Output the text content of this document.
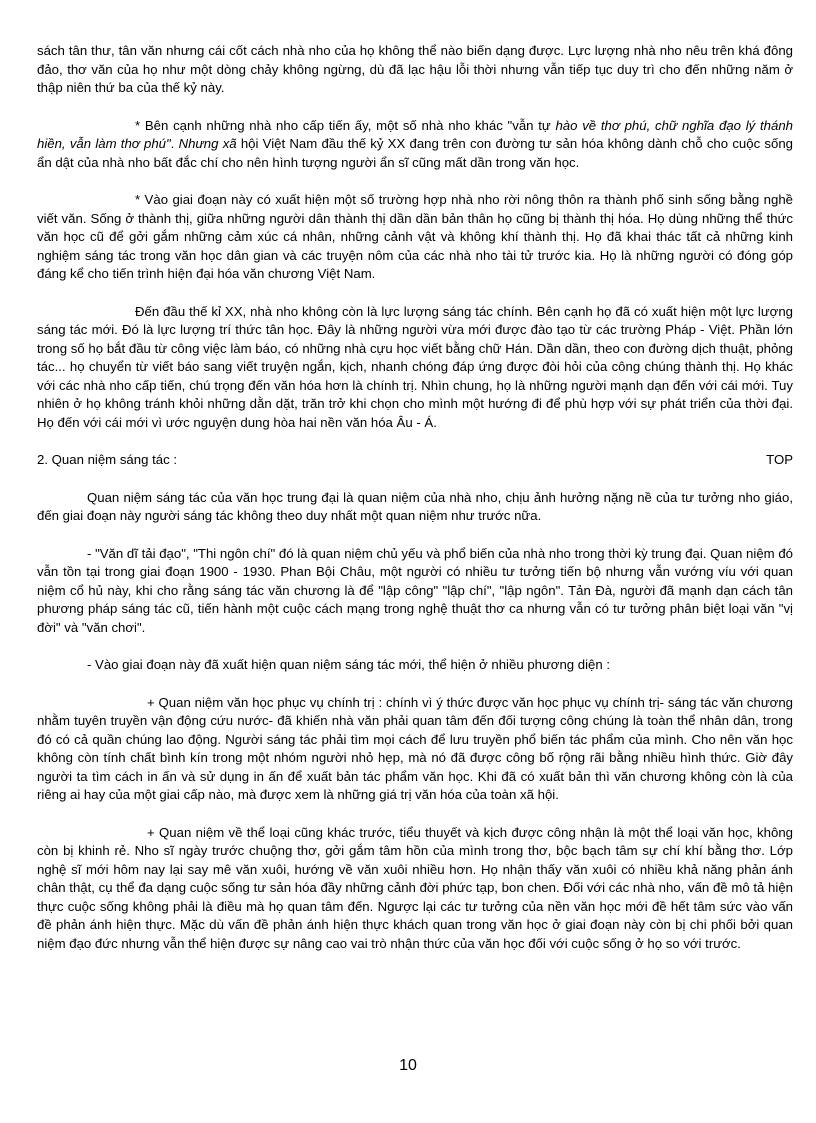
sách tân thư, tân văn nhưng cái cốt cách nhà nho của họ không thể nào biến dạng được. Lực lượng nhà nho nêu trên khá đông đảo, thơ văn của họ như một dòng chảy không ngừng, dù đã lạc hậu lỗi thời nhưng vẫn tiếp tục duy trì cho đến những năm ở thập niên thứ ba của thế kỷ này.

* Bên cạnh những nhà nho cấp tiến ấy, một số nhà nho khác "vẫn tự hào về thơ phú, chữ nghĩa đạo lý thánh hiền, vẫn làm thơ phú". Nhưng xã hội Việt Nam đầu thế kỷ XX đang trên con đường tư sản hóa không dành chỗ cho cuộc sống ẩn dật của nhà nho bất đắc chí cho nên hình tượng người ẩn sĩ cũng mất dần trong văn học.

* Vào giai đoạn này có xuất hiện một số trường hợp nhà nho rời nông thôn ra thành phố sinh sống bằng nghề viết văn. Sống ở thành thị, giữa những người dân thành thị dần dần bản thân họ cũng bị thành thị hóa. Họ dùng những thể thức văn học cũ để gởi gắm những cảm xúc cá nhân, những cảnh vật và không khí thành thị. Họ đã khai thác tất cả những kinh nghiệm sáng tác trong văn học dân gian và các truyện nôm của các nhà nho tài tử trước kia. Họ là những người có đóng góp đáng kể cho tiến trình hiện đại hóa văn chương Việt Nam.

Đến đầu thế kỉ XX, nhà nho không còn là lực lượng sáng tác chính. Bên cạnh họ đã có xuất hiện một lực lượng sáng tác mới. Đó là lực lượng trí thức tân học. Đây là những người vừa mới được đào tạo từ các trường Pháp - Việt. Phần lớn trong số họ bắt đầu từ công việc làm báo, có những nhà cựu học viết bằng chữ Hán. Dần dần, theo con đường dịch thuật, phỏng tác... họ chuyển từ viết báo sang viết truyện ngắn, kịch, nhanh chóng đáp ứng được đòi hỏi của công chúng thành thị. Họ khác với các nhà nho cấp tiến, chú trọng đến văn hóa hơn là chính trị. Nhìn chung, họ là những người mạnh dạn đến với cái mới. Tuy nhiên ở họ không tránh khỏi những dằn dặt, trăn trở khi chọn cho mình một hướng đi để phù hợp với sự phát triển của thời đại. Họ đến với cái mới vì ước nguyện dung hòa hai nền văn hóa Âu - Á.

2. Quan niệm sáng tác :	TOP

Quan niệm sáng tác của văn học trung đại là quan niệm của nhà nho, chịu ảnh hưởng nặng nề của tư tưởng nho giáo, đến giai đoạn này người sáng tác không theo duy nhất một quan niệm như trước nữa.

- "Văn dĩ tải đạo", "Thi ngôn chí" đó là quan niệm chủ yếu và phổ biến của nhà nho trong thời kỳ trung đại. Quan niệm đó vẫn tồn tại trong giai đoạn 1900 - 1930. Phan Bội Châu, một người có nhiều tư tưởng tiến bộ nhưng vẫn vướng víu với quan niệm cổ hủ này, khi cho rằng sáng tác văn chương là để "lập công" "lập chí", "lập ngôn". Tản Đà, người đã mạnh dạn cách tân phương pháp sáng tác cũ, tiến hành một cuộc cách mạng trong nghệ thuật thơ ca nhưng vẫn có tư tưởng phân biệt loại văn "vị đời" và "văn chơi".

- Vào giai đoạn này đã xuất hiện quan niệm sáng tác mới, thể hiện ở nhiều phương diện :

+ Quan niệm văn học phục vụ chính trị : chính vì ý thức được văn học phục vụ chính trị- sáng tác văn chương nhằm tuyên truyền vận động cứu nước- đã khiến nhà văn phải quan tâm đến đối tượng công chúng là toàn thể nhân dân, trong đó có cả quần chúng lao động. Người sáng tác phải tìm mọi cách để lưu truyền phổ biến tác phẩm của mình. Cho nên văn học không còn tính chất bình kín trong một nhóm người nhỏ hẹp, mà nó đã được công bố rộng rãi bằng nhiều hình thức. Giờ đây người ta tìm cách in ấn và sử dụng in ấn để xuất bản tác phẩm văn học. Khi đã có xuất bản thì văn chương không còn là của riêng ai hay của một giai cấp nào, mà được xem là những giá trị văn hóa của toàn xã hội.

+ Quan niệm về thể loại cũng khác trước, tiểu thuyết và kịch được công nhận là một thể loại văn học, không còn bị khinh rẻ. Nho sĩ ngày trước chuộng thơ, gởi gắm tâm hồn của mình trong thơ, bộc bạch tâm sự chí khí bằng thơ. Lớp nghệ sĩ mới hôm nay lại say mê văn xuôi, hướng về văn xuôi nhiều hơn. Họ nhận thấy văn xuôi có nhiều khả năng phản ánh chân thật, cụ thể đa dạng cuộc sống tư sản hóa đầy những cảnh đời phức tạp, bon chen. Đối với các nhà nho, vấn đề mô tả hiện thực cuộc sống không phải là điều mà họ quan tâm đến. Ngược lại các tư tưởng của nền văn học mới đề hết tâm sức vào vấn đề phản ánh hiện thực. Mặc dù vấn đề phản ánh hiện thực khách quan trong văn học ở giai đoạn này còn bị chi phối bởi quan niệm đạo đức nhưng vẫn thể hiện được sự nâng cao vai trò nhận thức của văn học đối với cuộc sống ở họ so với trước.

10
